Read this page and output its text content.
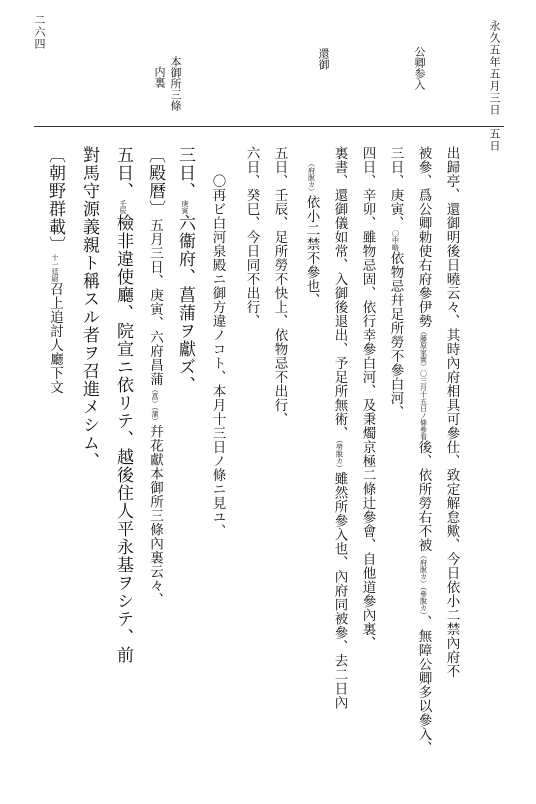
永久五年五月三日　五日
二六四
公卿参入
還御
本御所三條
内裏
出歸亭、還御明後日曉云々、其時內府相具可參仕、致定解怠歟、今日依小二禁內府不
被參、爲公卿勅使右府參伊勢（藤原家實）〇三月十五日ノ條參看後、依所勞右不被（府脫カ）（參脫カ）、無障公卿多以參入、
三日、庚寅、〇中略依物忌幷足所勞不參白河、
四日、辛卯、雖物忌固、依行幸參白河、及秉燭京極二條辻參會、自他道參內裏、
裏書、還御儀如常、入御後退出、予足所無術、（勞脫カ）雖然所參入也、內府同被參、去二日內
（府脫カ）依小二禁不參也、
五日、壬辰、足所勞不快上、依物忌不出行、
六日、癸巳、今日同不出行、
〇再ビ白河泉殿ニ御方違ノコト、本月十三日ノ條ニ見ユ、
三日、庚寅六衞府、菖蒲ヲ獻ズ、
〔殿曆〕五月三日、庚寅、六府昌蒲（菖）（蒲）幷花獻本御所三條內裏云々、
五日、壬辰檢非違使廳、院宣ニ依リテ、越後住人平永基ヲシテ、前
對馬守源義親ト稱スル者ヲ召進メシム、
〔朝野群載〕十一廷尉召上追討人廳下文
